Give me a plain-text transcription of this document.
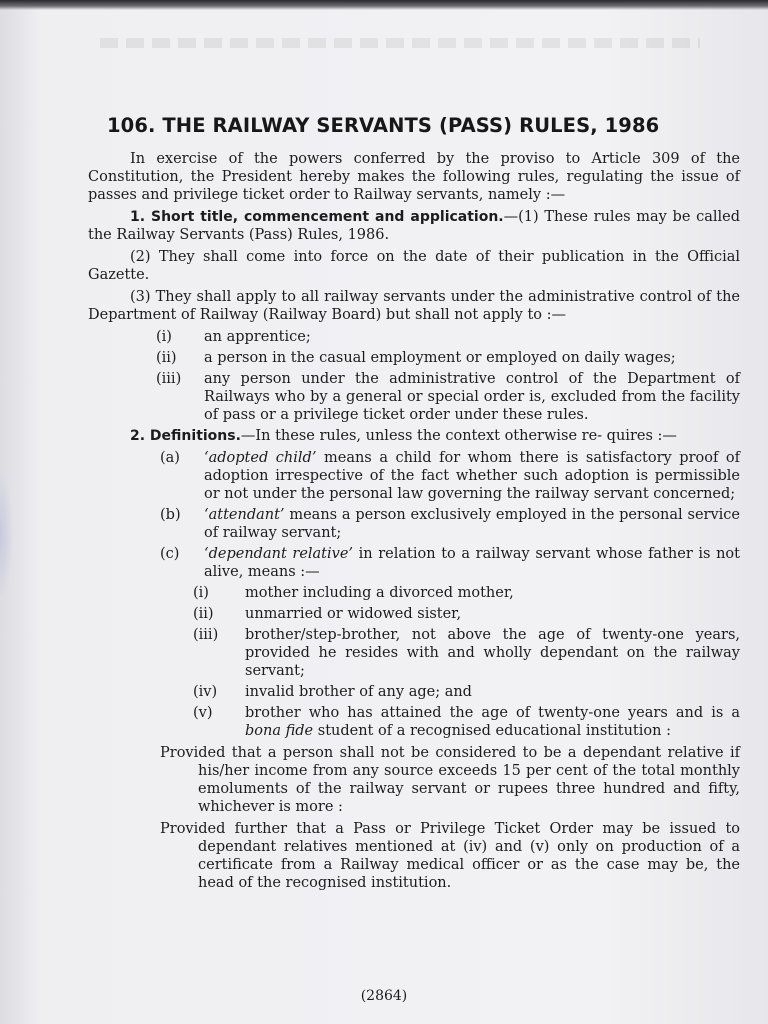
106. THE RAILWAY SERVANTS (PASS) RULES, 1986

In exercise of the powers conferred by the proviso to Article 309 of the Constitution, the President hereby makes the following rules, regulating the issue of passes and privilege ticket order to Railway servants, namely :—

1. Short title, commencement and application.—(1) These rules may be called the Railway Servants (Pass) Rules, 1986.

(2) They shall come into force on the date of their publication in the Official Gazette.

(3) They shall apply to all railway servants under the administrative control of the Department of Railway (Railway Board) but shall not apply to :—

(i)	an apprentice;
(ii)	a person in the casual employment or employed on daily wages;
(iii)	any person under the administrative control of the Department of Railways who by a general or special order is, excluded from the facility of pass or a privilege ticket order under these rules.

2. Definitions.—In these rules, unless the context otherwise re- quires :—

(a)	‘adopted child’ means a child for whom there is satisfactory proof of adoption irrespective of the fact whether such adoption is permissible or not under the personal law governing the railway servant concerned;
(b)	‘attendant’ means a person exclusively employed in the personal service of railway servant;
(c)	‘dependant relative’ in relation to a railway servant whose father is not alive, means :—
(i)	mother including a divorced mother,
(ii)	unmarried or widowed sister,
(iii)	brother/step-brother, not above the age of twenty-one years, provided he resides with and wholly dependant on the railway servant;
(iv)	invalid brother of any age; and
(v)	brother who has attained the age of twenty-one years and is a bona fide student of a recognised educational institution :

Provided that a person shall not be considered to be a dependant relative if his/her income from any source exceeds 15 per cent of the total monthly emoluments of the railway servant or rupees three hundred and fifty, whichever is more :

Provided further that a Pass or Privilege Ticket Order may be issued to dependant relatives mentioned at (iv) and (v) only on production of a certificate from a Railway medical officer or as the case may be, the head of the recognised institution.

(2864)
